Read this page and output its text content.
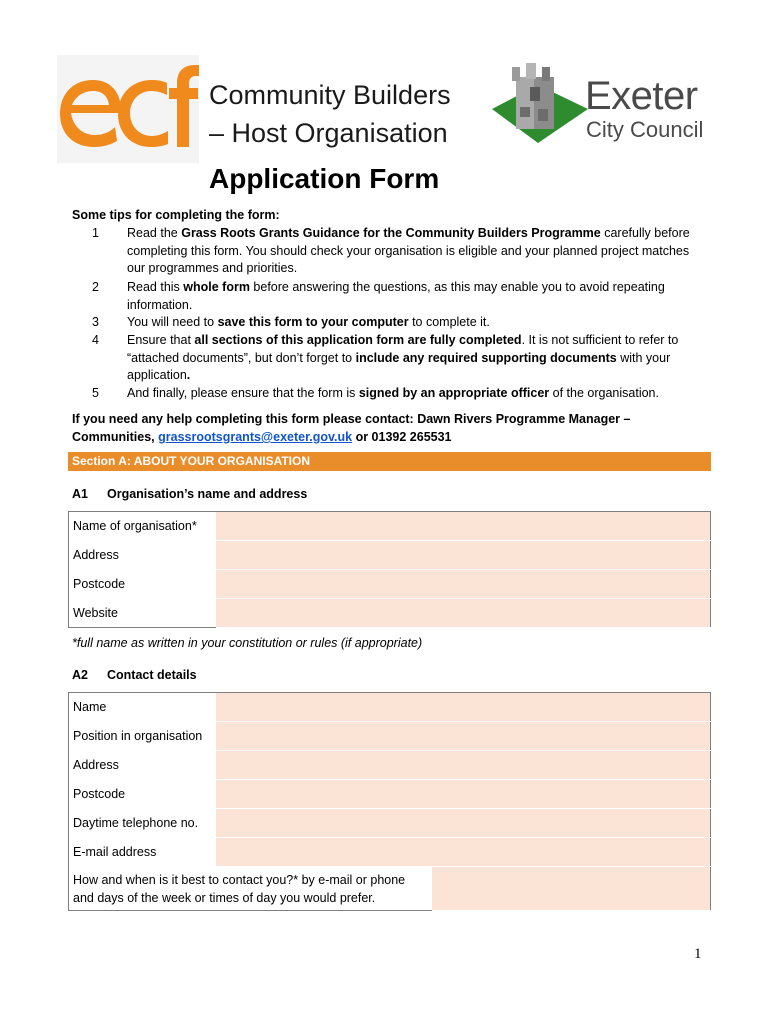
Community Builders
– Host Organisation
Application Form
Exeter
City Council
Some tips for completing the form:
1 Read the Grass Roots Grants Guidance for the Community Builders Programme carefully before completing this form. You should check your organisation is eligible and your planned project matches our programmes and priorities.
2 Read this whole form before answering the questions, as this may enable you to avoid repeating information.
3 You will need to save this form to your computer to complete it.
4 Ensure that all sections of this application form are fully completed. It is not sufficient to refer to “attached documents”, but don’t forget to include any required supporting documents with your application.
5 And finally, please ensure that the form is signed by an appropriate officer of the organisation.
If you need any help completing this form please contact: Dawn Rivers Programme Manager – Communities, grassrootsgrants@exeter.gov.uk or 01392 265531
Section A: ABOUT YOUR ORGANISATION
A1 Organisation’s name and address
Name of organisation*	
Address	
Postcode	
Website	
*full name as written in your constitution or rules (if appropriate)
A2 Contact details
Name		
Position in organisation		
Address		
Postcode		
Daytime telephone no.		
E-mail address		
How and when is it best to contact you?* by e-mail or phone and days of the week or times of day you would prefer.		
1
